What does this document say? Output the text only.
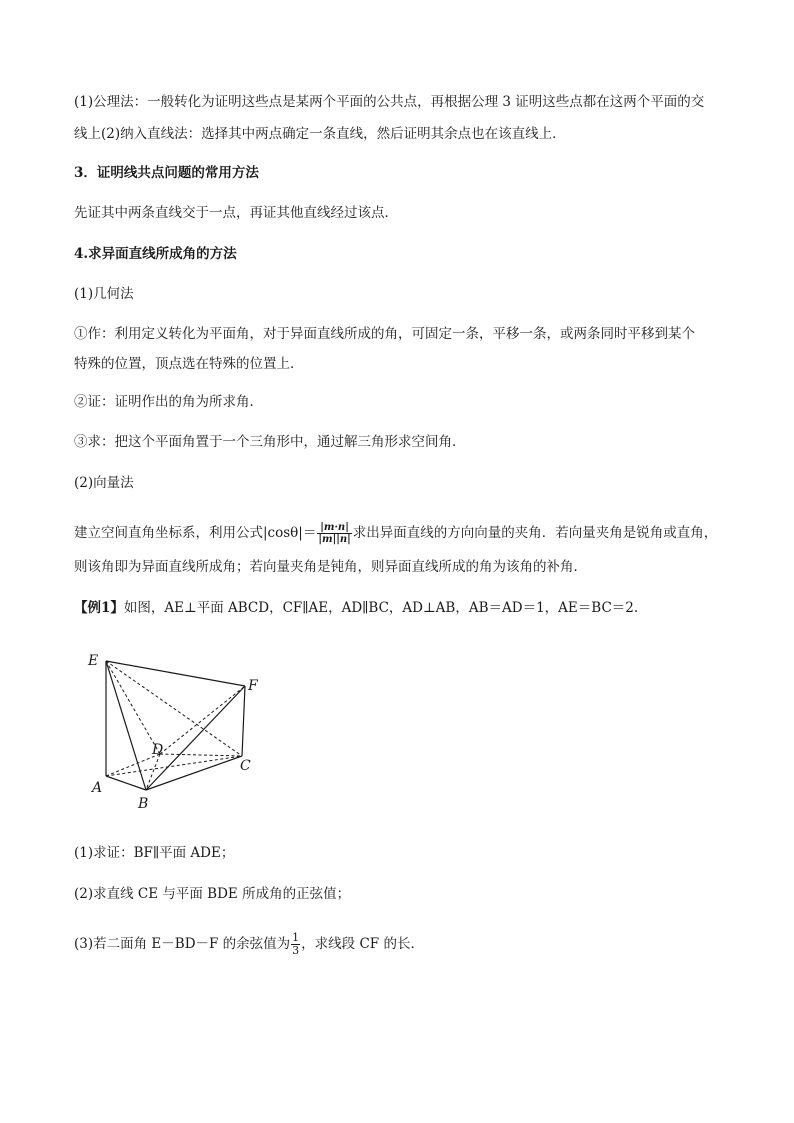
(1)公理法：一般转化为证明这些点是某两个平面的公共点，再根据公理 3 证明这些点都在这两个平面的交
线上(2)纳入直线法：选择其中两点确定一条直线，然后证明其余点也在该直线上．
3．证明线共点问题的常用方法
先证其中两条直线交于一点，再证其他直线经过该点．
4.求异面直线所成角的方法
(1)几何法
①作：利用定义转化为平面角，对于异面直线所成的角，可固定一条，平移一条，或两条同时平移到某个
特殊的位置，顶点选在特殊的位置上．
②证：证明作出的角为所求角．
③求：把这个平面角置于一个三角形中，通过解三角形求空间角．
(2)向量法
建立空间直角坐标系，利用公式$|\cos\theta|= \frac{|m\cdot n|}{|m||n|}$ 求出异面直线的方向向量的夹角．若向量夹角是锐角或直角，
则该角即为异面直线所成角；若向量夹角是钝角，则异面直线所成的角为该角的补角．
【例1】如图，AE⊥平面 ABCD，CF∥AE，AD∥BC，AD⊥AB，AB＝AD＝1，AE＝BC＝2.
E
F
D
C
A
B
(1)求证：BF∥平面 ADE；
(2)求直线 CE 与平面 BDE 所成角的正弦值；
(3)若二面角 E－BD－F 的余弦值为 $\frac{1}{3}$ ，求线段 CF 的长．
